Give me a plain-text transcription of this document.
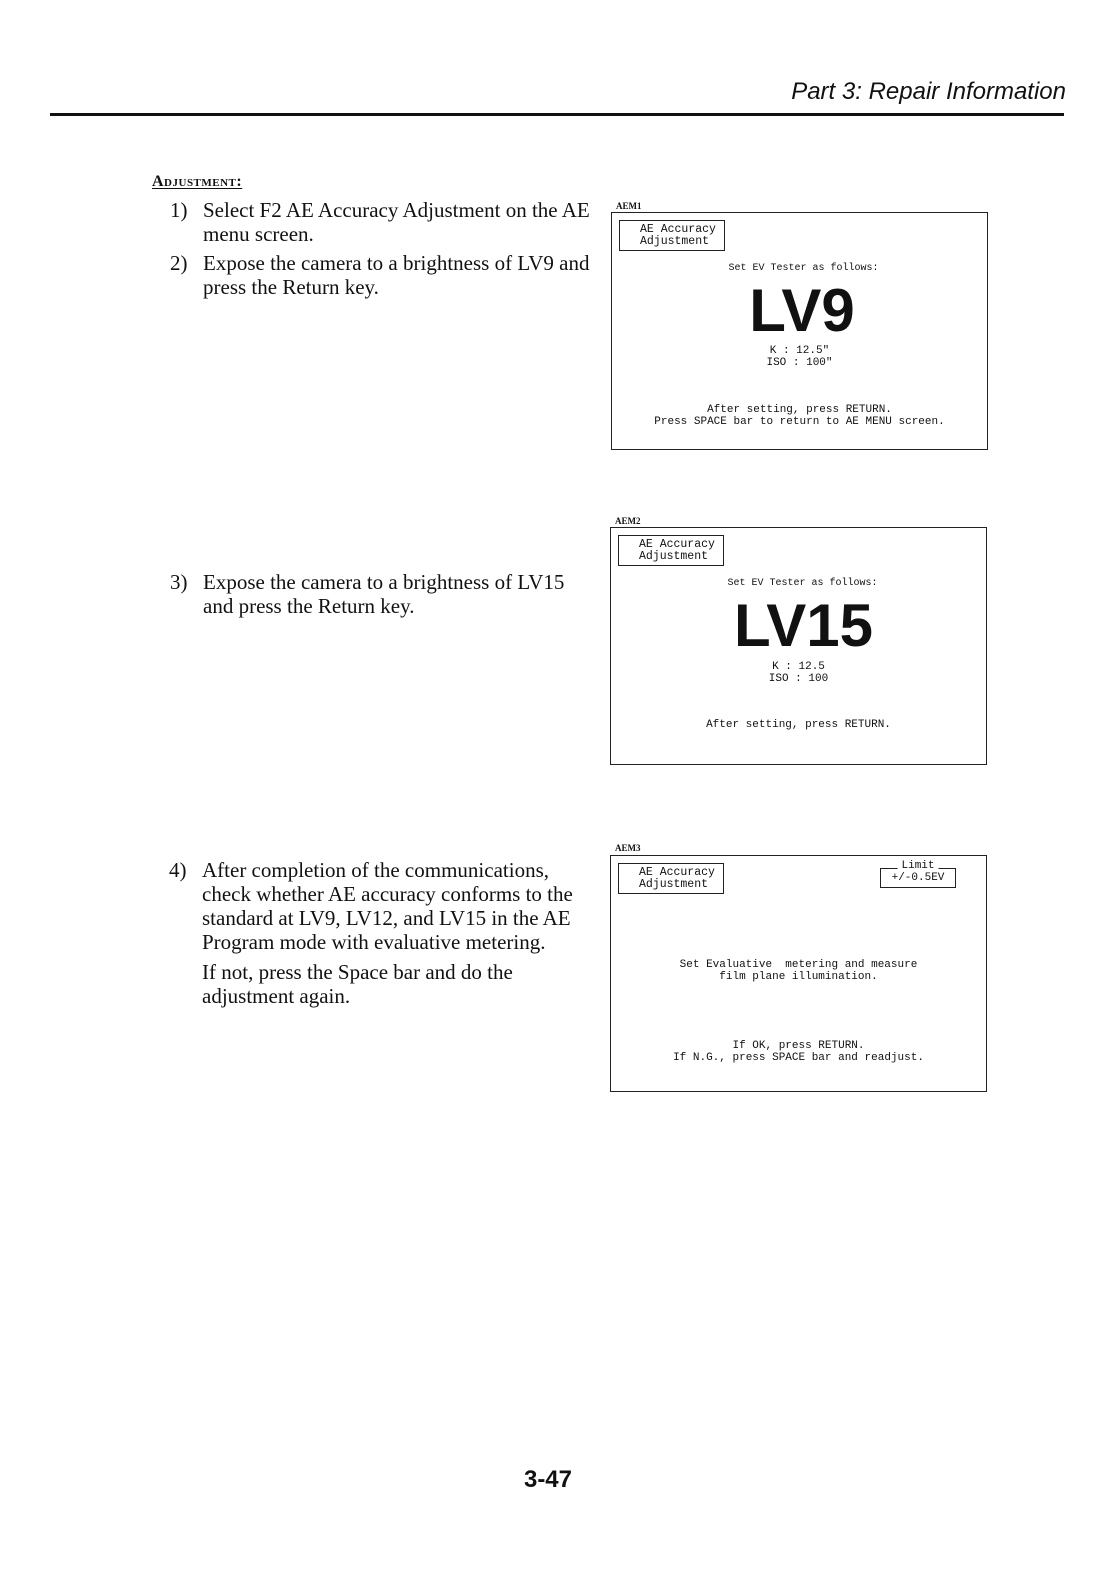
Part 3: Repair Information
Adjustment:
1) Select F2 AE Accuracy Adjustment on the AE menu screen.

2) Expose the camera to a brightness of LV9 and press the Return key.

3) Expose the camera to a brightness of LV15 and press the Return key.

4) After completion of the communications, check whether AE accuracy conforms to the standard at LV9, LV12, and LV15 in the AE Program mode with evaluative metering.

If not, press the Space bar and do the adjustment again.

AEM1
AE Accuracy
Adjustment
Set EV Tester as follows:
LV9
K : 12.5"
ISO : 100"
After setting, press RETURN.
Press SPACE bar to return to AE MENU screen.
AEM2
AE Accuracy
Adjustment
Set EV Tester as follows:
LV15
K : 12.5
ISO : 100
After setting, press RETURN.
AEM3
AE Accuracy
Adjustment
Limit
+/-0.5EV
Set Evaluative  metering and measure
film plane illumination.
If OK, press RETURN.
If N.G., press SPACE bar and readjust.
3-47
